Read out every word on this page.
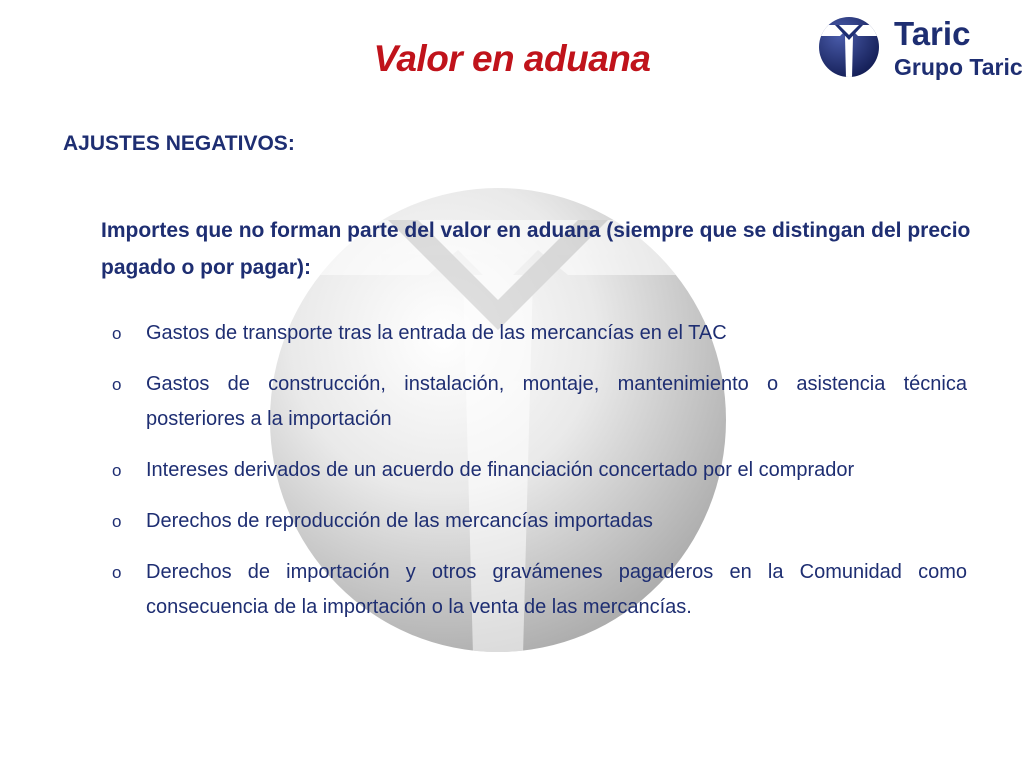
Valor en aduana
Taric
Grupo Taric
AJUSTES NEGATIVOS:

Importes que no forman parte del valor en aduana (siempre que se distingan del precio pagado o por pagar):

o Gastos de transporte tras la entrada de las mercancías en el TAC
o Gastos de construcción, instalación, montaje, mantenimiento o asistencia técnica posteriores a la importación
o Intereses derivados de un acuerdo de financiación concertado por el comprador
o Derechos de reproducción de las mercancías importadas
o Derechos de importación y otros gravámenes pagaderos en la Comunidad como consecuencia de la importación o la venta de las mercancías.
